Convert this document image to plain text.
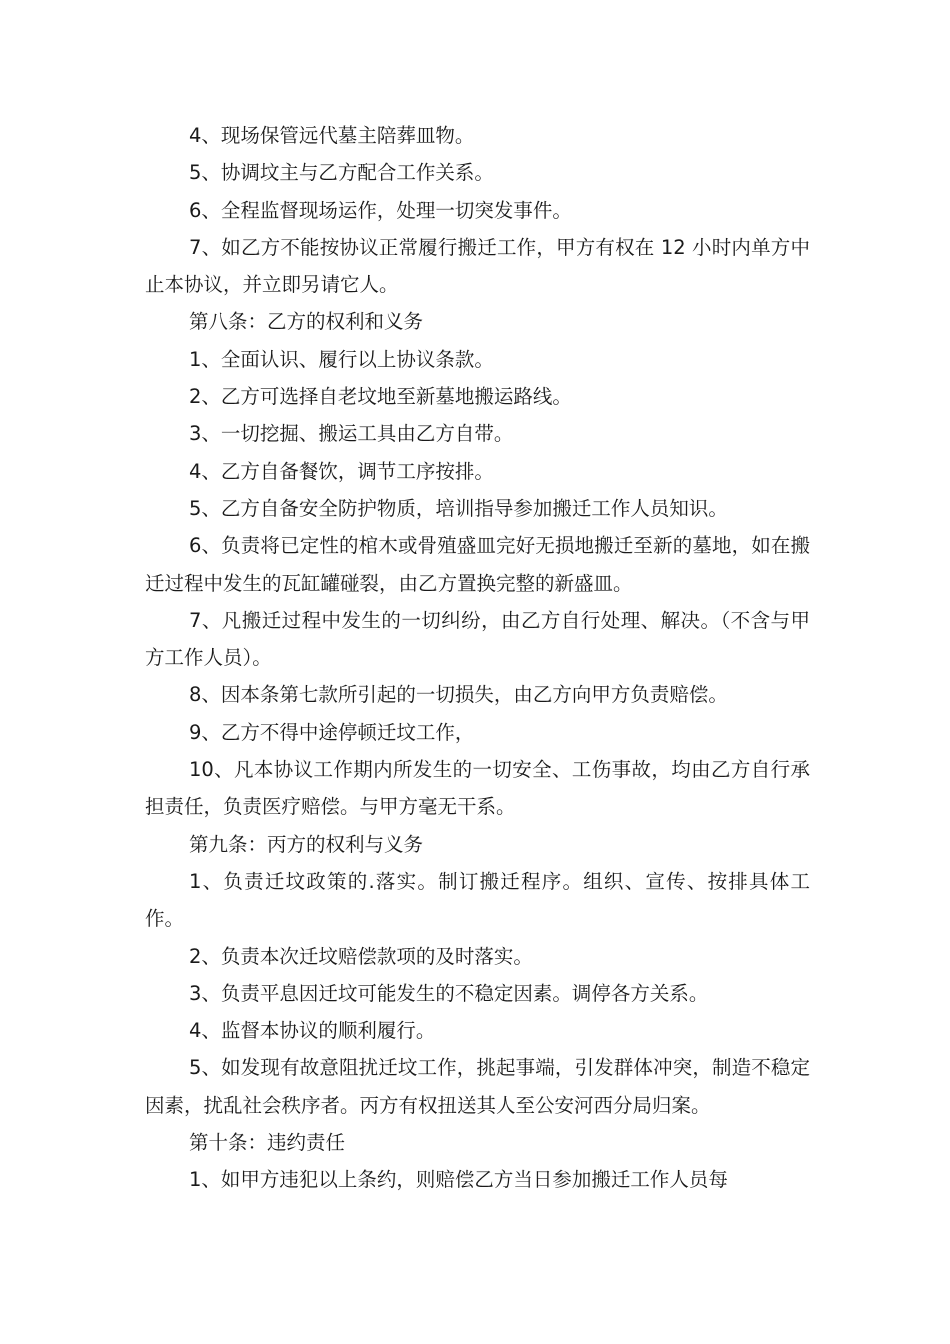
4、现场保管远代墓主陪葬皿物。

5、协调坟主与乙方配合工作关系。

6、全程监督现场运作，处理一切突发事件。

7、如乙方不能按协议正常履行搬迁工作，甲方有权在 12 小时内单方中止本协议，并立即另请它人。

第八条：乙方的权利和义务

1、全面认识、履行以上协议条款。

2、乙方可选择自老坟地至新墓地搬运路线。

3、一切挖掘、搬运工具由乙方自带。

4、乙方自备餐饮，调节工序按排。

5、乙方自备安全防护物质，培训指导参加搬迁工作人员知识。

6、负责将已定性的棺木或骨殖盛皿完好无损地搬迁至新的墓地，如在搬迁过程中发生的瓦缸罐碰裂，由乙方置换完整的新盛皿。

7、凡搬迁过程中发生的一切纠纷，由乙方自行处理、解决。（不含与甲方工作人员）。

8、因本条第七款所引起的一切损失，由乙方向甲方负责赔偿。

9、乙方不得中途停顿迁坟工作，

10、凡本协议工作期内所发生的一切安全、工伤事故，均由乙方自行承担责任，负责医疗赔偿。与甲方毫无干系。

第九条：丙方的权利与义务

1、负责迁坟政策的.落实。制订搬迁程序。组织、宣传、按排具体工作。

2、负责本次迁坟赔偿款项的及时落实。

3、负责平息因迁坟可能发生的不稳定因素。调停各方关系。

4、监督本协议的顺利履行。

5、如发现有故意阻扰迁坟工作，挑起事端，引发群体冲突，制造不稳定因素，扰乱社会秩序者。丙方有权扭送其人至公安河西分局归案。

第十条：违约责任

1、如甲方违犯以上条约，则赔偿乙方当日参加搬迁工作人员每
